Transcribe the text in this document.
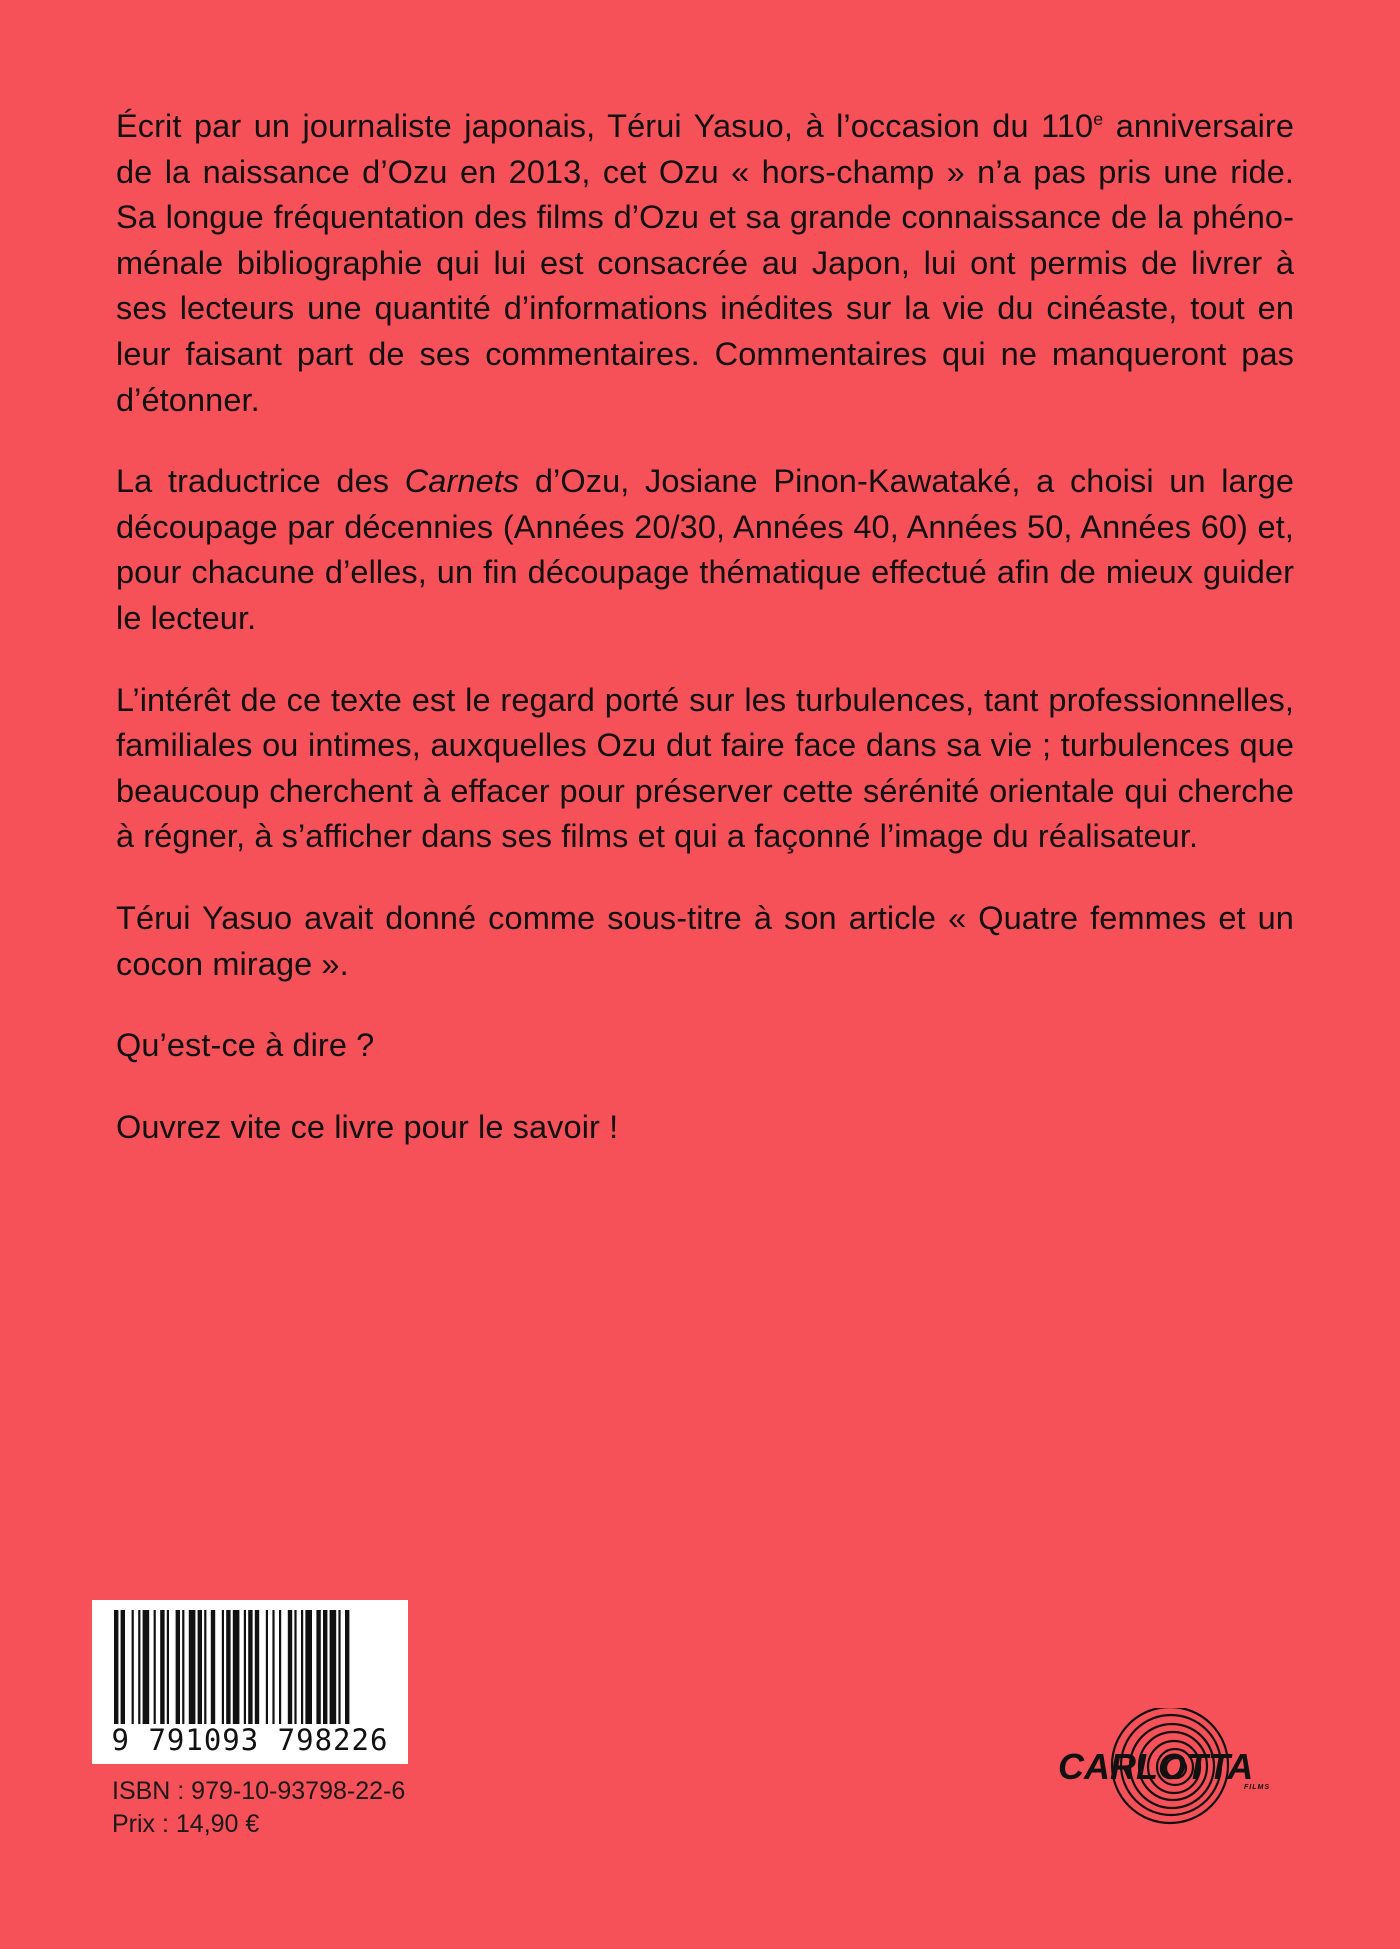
Écrit par un journaliste japonais, Térui Yasuo, à l’occasion du 110e anniversaire de la naissance d’Ozu en 2013, cet Ozu « hors-champ » n’a pas pris une ride. Sa longue fréquentation des films d’Ozu et sa grande connaissance de la phéno-ménale bibliographie qui lui est consacrée au Japon, lui ont permis de livrer à ses lecteurs une quantité d’informations inédites sur la vie du cinéaste, tout en leur faisant part de ses commentaires. Commentaires qui ne manqueront pas d’étonner.

La traductrice des Carnets d’Ozu, Josiane Pinon-Kawataké, a choisi un large découpage par décennies (Années 20/30, Années 40, Années 50, Années 60) et, pour chacune d’elles, un fin découpage thématique effectué afin de mieux guider le lecteur.

L’intérêt de ce texte est le regard porté sur les turbulences, tant professionnelles, familiales ou intimes, auxquelles Ozu dut faire face dans sa vie ; turbulences que beaucoup cherchent à effacer pour préserver cette sérénité orientale qui cherche à régner, à s’afficher dans ses films et qui a façonné l’image du réalisateur.

Térui Yasuo avait donné comme sous-titre à son article « Quatre femmes et un cocon mirage ».

Qu’est-ce à dire ?

Ouvrez vite ce livre pour le savoir !

9 791093 798226
ISBN : 979-10-93798-22-6
Prix : 14,90 €
CARLOTTA
FILMS
